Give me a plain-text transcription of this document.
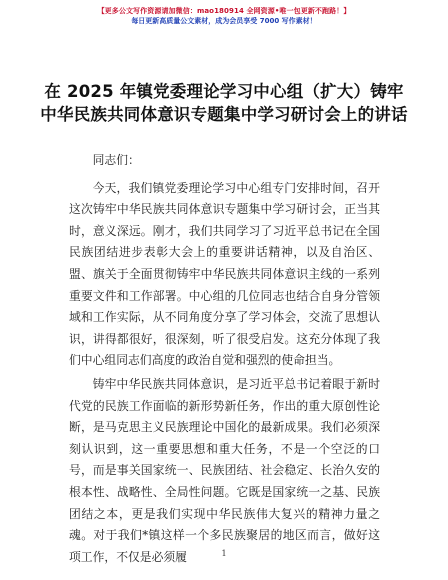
【更多公文写作资源请加微信：mao180914 全网资源•唯一包更新不跑路！】
每日更新高质量公文素材，成为会员享受 7000 写作素材！
在 2025 年镇党委理论学习中心组（扩大）铸牢中华民族共同体意识专题集中学习研讨会上的讲话

同志们：

今天，我们镇党委理论学习中心组专门安排时间，召开这次铸牢中华民族共同体意识专题集中学习研讨会，正当其时，意义深远。刚才，我们共同学习了习近平总书记在全国民族团结进步表彰大会上的重要讲话精神，以及自治区、盟、旗关于全面贯彻铸牢中华民族共同体意识主线的一系列重要文件和工作部署。中心组的几位同志也结合自身分管领域和工作实际，从不同角度分享了学习体会，交流了思想认识，讲得都很好，很深刻，听了很受启发。这充分体现了我们中心组同志们高度的政治自觉和强烈的使命担当。

铸牢中华民族共同体意识，是习近平总书记着眼于新时代党的民族工作面临的新形势新任务，作出的重大原创性论断，是马克思主义民族理论中国化的最新成果。我们必须深刻认识到，这一重要思想和重大任务，不是一个空泛的口号，而是事关国家统一、民族团结、社会稳定、长治久安的根本性、战略性、全局性问题。它既是国家统一之基、民族团结之本，更是我们实现中华民族伟大复兴的精神力量之魂。对于我们*镇这样一个多民族聚居的地区而言，做好这项工作，不仅是必须履	1
